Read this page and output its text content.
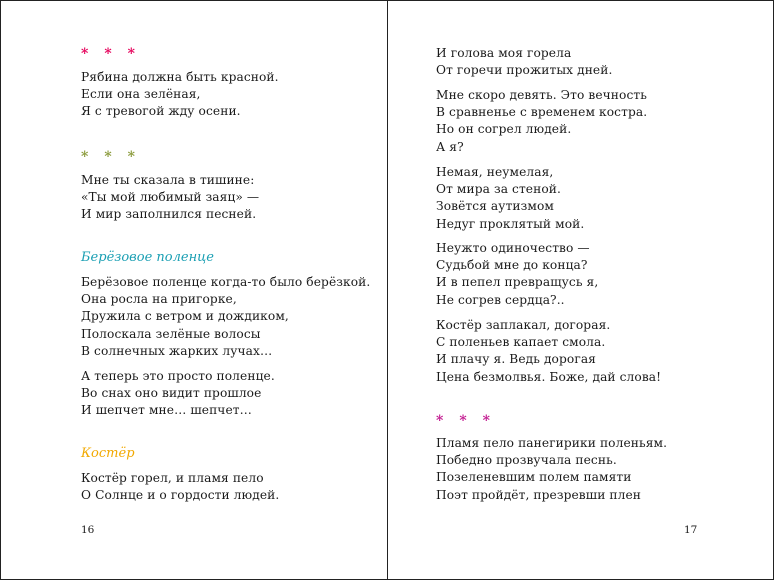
* * *
Рябина должна быть красной.
Если она зелёная,
Я с тревогой жду осени.
* * *
Мне ты сказала в тишине:
«Ты мой любимый заяц» —
И мир заполнился песней.
Берёзовое поленце
Берёзовое поленце когда-то было берёзкой.
Она росла на пригорке,
Дружила с ветром и дождиком,
Полоскала зелёные волосы
В солнечных жарких лучах…
А теперь это просто поленце.
Во снах оно видит прошлое
И шепчет мне… шепчет…
Костёр
Костёр горел, и пламя пело
О Солнце и о гордости людей.
16
И голова моя горела
От горечи прожитых дней.
Мне скоро девять. Это вечность
В сравненье с временем костра.
Но он согрел людей.
А я?
Немая, неумелая,
От мира за стеной.
Зовётся аутизмом
Недуг проклятый мой.
Неужто одиночество —
Судьбой мне до конца?
И в пепел превращусь я,
Не согрев сердца?..
Костёр заплакал, догорая.
С поленьев капает смола.
И плачу я. Ведь дорогая
Цена безмолвья. Боже, дай слова!
* * *
Пламя пело панегирики поленьям.
Победно прозвучала песнь.
Позеленевшим полем памяти
Поэт пройдёт, презревши плен
17
